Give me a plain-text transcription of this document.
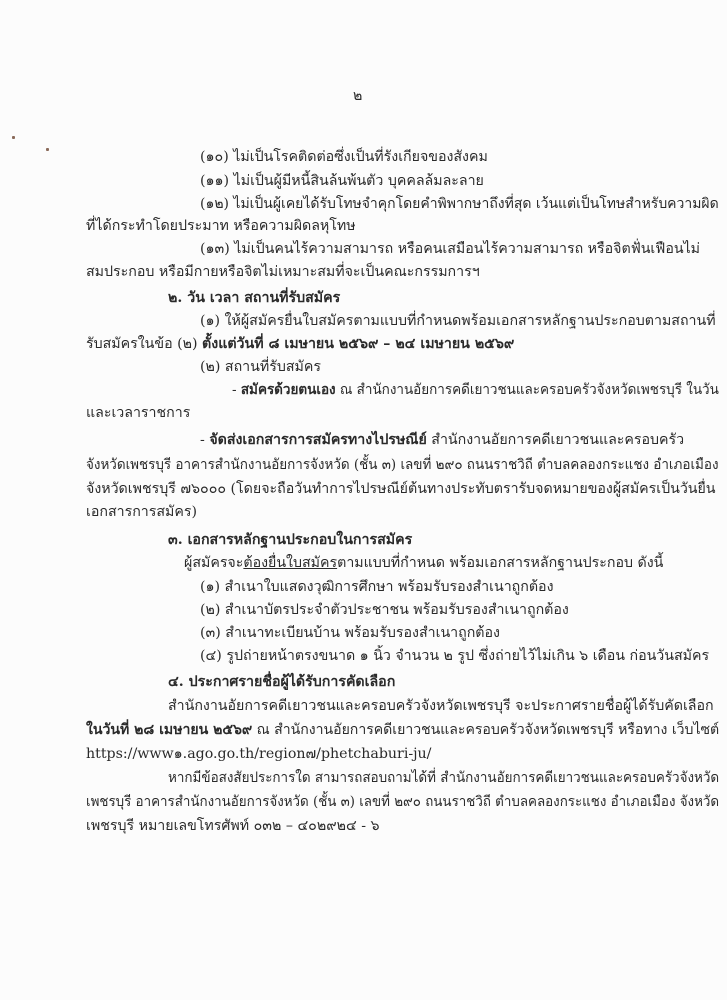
๒
(๑๐) ไม่เป็นโรคติดต่อซึ่งเป็นที่รังเกียจของสังคม
(๑๑) ไม่เป็นผู้มีหนี้สินล้นพ้นตัว บุคคลล้มละลาย
(๑๒) ไม่เป็นผู้เคยได้รับโทษจำคุกโดยคำพิพากษาถึงที่สุด เว้นแต่เป็นโทษสำหรับความผิด
ที่ได้กระทำโดยประมาท หรือความผิดลหุโทษ
(๑๓) ไม่เป็นคนไร้ความสามารถ หรือคนเสมือนไร้ความสามารถ หรือจิตฟั่นเฟือนไม่
สมประกอบ หรือมีกายหรือจิตไม่เหมาะสมที่จะเป็นคณะกรรมการฯ
๒. วัน เวลา สถานที่รับสมัคร
(๑) ให้ผู้สมัครยื่นใบสมัครตามแบบที่กำหนดพร้อมเอกสารหลักฐานประกอบตามสถานที่
รับสมัครในข้อ (๒) ตั้งแต่วันที่ ๘ เมษายน ๒๕๖๙ – ๒๔ เมษายน ๒๕๖๙
(๒) สถานที่รับสมัคร
- สมัครด้วยตนเอง ณ สำนักงานอัยการคดีเยาวชนและครอบครัวจังหวัดเพชรบุรี ในวัน
และเวลาราชการ
- จัดส่งเอกสารการสมัครทางไปรษณีย์ สำนักงานอัยการคดีเยาวชนและครอบครัว
จังหวัดเพชรบุรี อาคารสำนักงานอัยการจังหวัด (ชั้น ๓) เลขที่ ๒๙๐ ถนนราชวิถี ตำบลคลองกระแชง อำเภอเมือง
จังหวัดเพชรบุรี ๗๖๐๐๐ (โดยจะถือวันทำการไปรษณีย์ต้นทางประทับตรารับจดหมายของผู้สมัครเป็นวันยื่น
เอกสารการสมัคร)
๓. เอกสารหลักฐานประกอบในการสมัคร
ผู้สมัครจะต้องยื่นใบสมัครตามแบบที่กำหนด พร้อมเอกสารหลักฐานประกอบ ดังนี้
(๑) สำเนาใบแสดงวุฒิการศึกษา พร้อมรับรองสำเนาถูกต้อง
(๒) สำเนาบัตรประจำตัวประชาชน พร้อมรับรองสำเนาถูกต้อง
(๓) สำเนาทะเบียนบ้าน พร้อมรับรองสำเนาถูกต้อง
(๔) รูปถ่ายหน้าตรงขนาด ๑ นิ้ว จำนวน ๒ รูป ซึ่งถ่ายไว้ไม่เกิน ๖ เดือน ก่อนวันสมัคร
๔. ประกาศรายชื่อผู้ได้รับการคัดเลือก
สำนักงานอัยการคดีเยาวชนและครอบครัวจังหวัดเพชรบุรี จะประกาศรายชื่อผู้ได้รับคัดเลือก
ในวันที่ ๒๘ เมษายน ๒๕๖๙ ณ สำนักงานอัยการคดีเยาวชนและครอบครัวจังหวัดเพชรบุรี หรือทาง เว็บไซต์
https://www๑.ago.go.th/region๗/phetchaburi-ju/
หากมีข้อสงสัยประการใด สามารถสอบถามได้ที่ สำนักงานอัยการคดีเยาวชนและครอบครัวจังหวัด
เพชรบุรี อาคารสำนักงานอัยการจังหวัด (ชั้น ๓) เลขที่ ๒๙๐ ถนนราชวิถี ตำบลคลองกระแชง อำเภอเมือง จังหวัด
เพชรบุรี หมายเลขโทรศัพท์ ๐๓๒ – ๔๐๒๙๒๔ - ๖
